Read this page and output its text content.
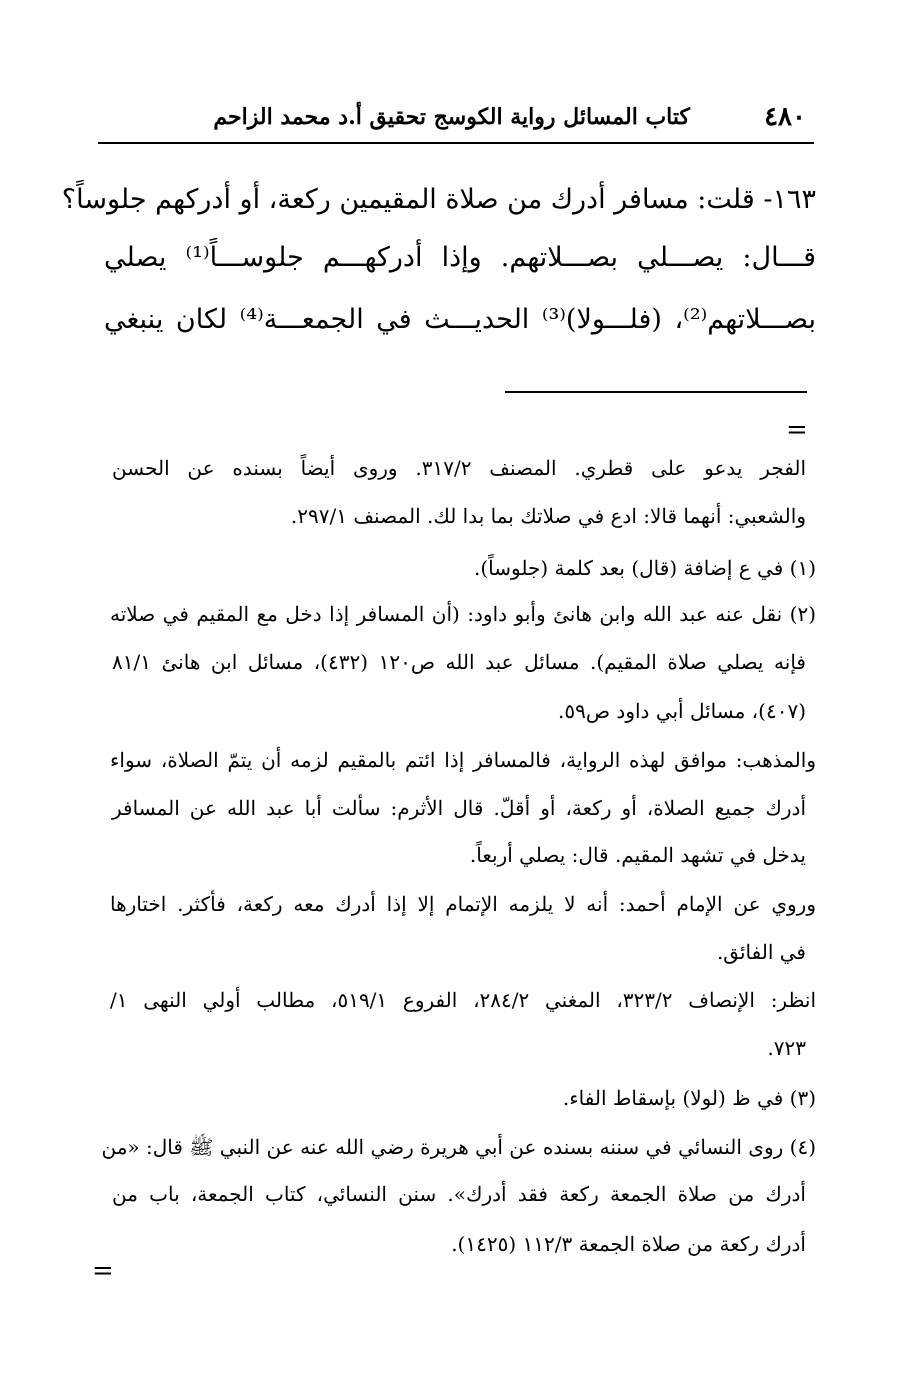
٤٨٠
كتاب المسائل رواية الكوسج تحقيق أ.د محمد الزاحم
١٦٣- قلت: مسافر أدرك من صلاة المقيمين ركعة، أو أدركهم جلوساً؟
قـــال: يصـــلي بصـــلاتهم. وإذا أدركهـــم جلوســـاً⁽¹⁾ يصلي
بصـــلاتهم⁽²⁾، (فلـــولا)⁽³⁾ الحديـــث في الجمعـــة⁽⁴⁾ لكان ينبغي
=
الفجر يدعو على قطري. المصنف ٣١٧/٢. وروى أيضاً بسنده عن الحسن
والشعبي: أنهما قالا: ادع في صلاتك بما بدا لك. المصنف ٢٩٧/١.
(١) في ع إضافة (قال) بعد كلمة (جلوساً).
(٢) نقل عنه عبد الله وابن هانئ وأبو داود: (أن المسافر إذا دخل مع المقيم في صلاته
فإنه يصلي صلاة المقيم). مسائل عبد الله ص١٢٠ (٤٣٢)، مسائل ابن هانئ ٨١/١
(٤٠٧)، مسائل أبي داود ص٥٩.
والمذهب: موافق لهذه الرواية، فالمسافر إذا ائتم بالمقيم لزمه أن يتمّ الصلاة، سواء
أدرك جميع الصلاة، أو ركعة، أو أقلّ. قال الأثرم: سألت أبا عبد الله عن المسافر
يدخل في تشهد المقيم. قال: يصلي أربعاً.
وروي عن الإمام أحمد: أنه لا يلزمه الإتمام إلا إذا أدرك معه ركعة، فأكثر. اختارها
في الفائق.
انظر: الإنصاف ٣٢٣/٢، المغني ٢٨٤/٢، الفروع ٥١٩/١، مطالب أولي النهى ١/
٧٢٣.
(٣) في ظ (لولا) بإسقاط الفاء.
(٤) روى النسائي في سننه بسنده عن أبي هريرة رضي الله عنه عن النبي ﷺ قال: «من
أدرك من صلاة الجمعة ركعة فقد أدرك». سنن النسائي، كتاب الجمعة، باب من
أدرك ركعة من صلاة الجمعة ١١٢/٣ (١٤٢٥).
=
